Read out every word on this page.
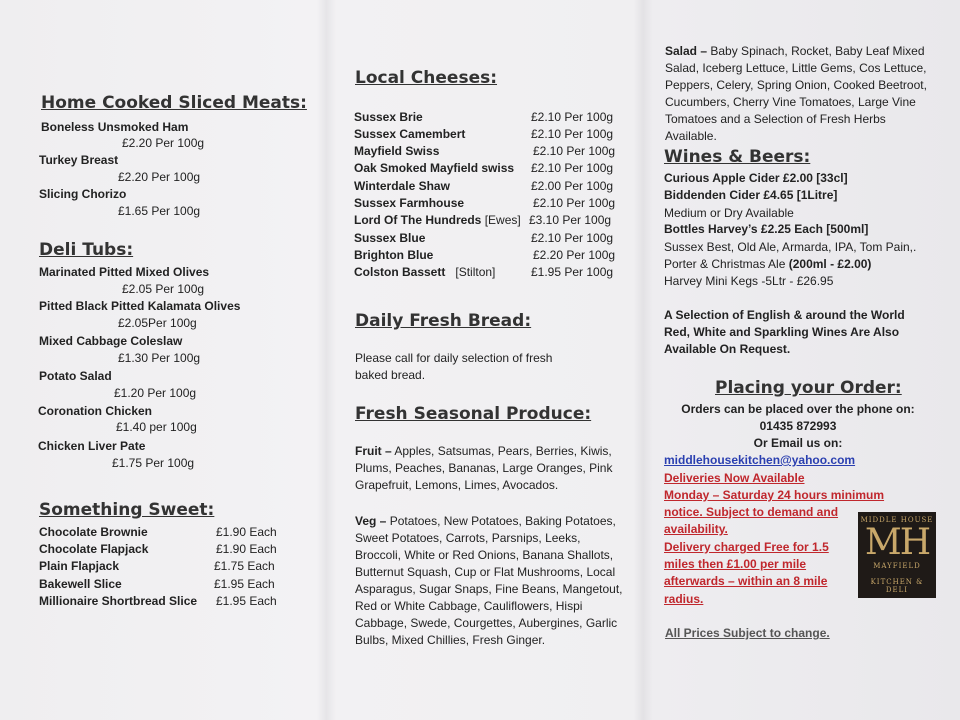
Home Cooked Sliced Meats:
Boneless Unsmoked Ham
£2.20 Per 100g
Turkey Breast
£2.20 Per 100g
Slicing Chorizo
£1.65 Per 100g
Deli Tubs:
Marinated Pitted Mixed Olives
£2.05 Per 100g
Pitted Black Pitted Kalamata Olives
£2.05Per 100g
Mixed Cabbage Coleslaw
£1.30 Per 100g
Potato Salad
£1.20 Per 100g
Coronation Chicken
£1.40 per 100g
Chicken Liver Pate
£1.75 Per 100g
Something Sweet:
Chocolate Brownie	£1.90 Each
Chocolate Flapjack	£1.90 Each
Plain Flapjack	£1.75 Each
Bakewell Slice	£1.95 Each
Millionaire Shortbread Slice £1.95 Each
Local Cheeses:
Sussex Brie	£2.10 Per 100g
Sussex Camembert	£2.10 Per 100g
Mayfield Swiss	£2.10 Per 100g
Oak Smoked Mayfield swiss £2.10 Per 100g
Winterdale Shaw	£2.00 Per 100g
Sussex Farmhouse	£2.10 Per 100g
Lord Of The Hundreds [Ewes] £3.10 Per 100g
Sussex Blue	£2.10 Per 100g
Brighton Blue	£2.20 Per 100g
Colston Bassett [Stilton]	£1.95 Per 100g
Daily Fresh Bread:
Please call for daily selection of fresh
baked bread.
Fresh Seasonal Produce:
Fruit – Apples, Satsumas, Pears, Berries, Kiwis, Plums, Peaches, Bananas, Large Oranges, Pink Grapefruit, Lemons, Limes, Avocados.
Veg – Potatoes, New Potatoes, Baking Potatoes, Sweet Potatoes, Carrots, Parsnips, Leeks, Broccoli, White or Red Onions, Banana Shallots, Butternut Squash, Cup or Flat Mushrooms, Local Asparagus, Sugar Snaps, Fine Beans, Mangetout, Red or White Cabbage, Cauliflowers, Hispi Cabbage, Swede, Courgettes, Aubergines, Garlic Bulbs, Mixed Chillies, Fresh Ginger.
Salad – Baby Spinach, Rocket, Baby Leaf Mixed Salad, Iceberg Lettuce, Little Gems, Cos Lettuce, Peppers, Celery, Spring Onion, Cooked Beetroot, Cucumbers, Cherry Vine Tomatoes, Large Vine Tomatoes and a Selection of Fresh Herbs Available.
Wines & Beers:
Curious Apple Cider £2.00 [33cl]
Biddenden Cider £4.65 [1Litre]
Medium or Dry Available
Bottles Harvey’s £2.25 Each [500ml]
Sussex Best, Old Ale, Armarda, IPA, Tom Pain,.
Porter & Christmas Ale (200ml - £2.00)
Harvey Mini Kegs -5Ltr - £26.95
A Selection of English & around the World
Red, White and Sparkling Wines Are Also
Available On Request.
Placing your Order:
Orders can be placed over the phone on:
01435 872993
Or Email us on:
middlehousekitchen@yahoo.com
Deliveries Now Available
Monday – Saturday 24 hours minimum
notice. Subject to demand and
availability.
Delivery charged Free for 1.5
miles then £1.00 per mile
afterwards – within an 8 mile
radius.
All Prices Subject to change.
MIDDLE HOUSE
MH
MAYFIELD
KITCHEN & DELI
